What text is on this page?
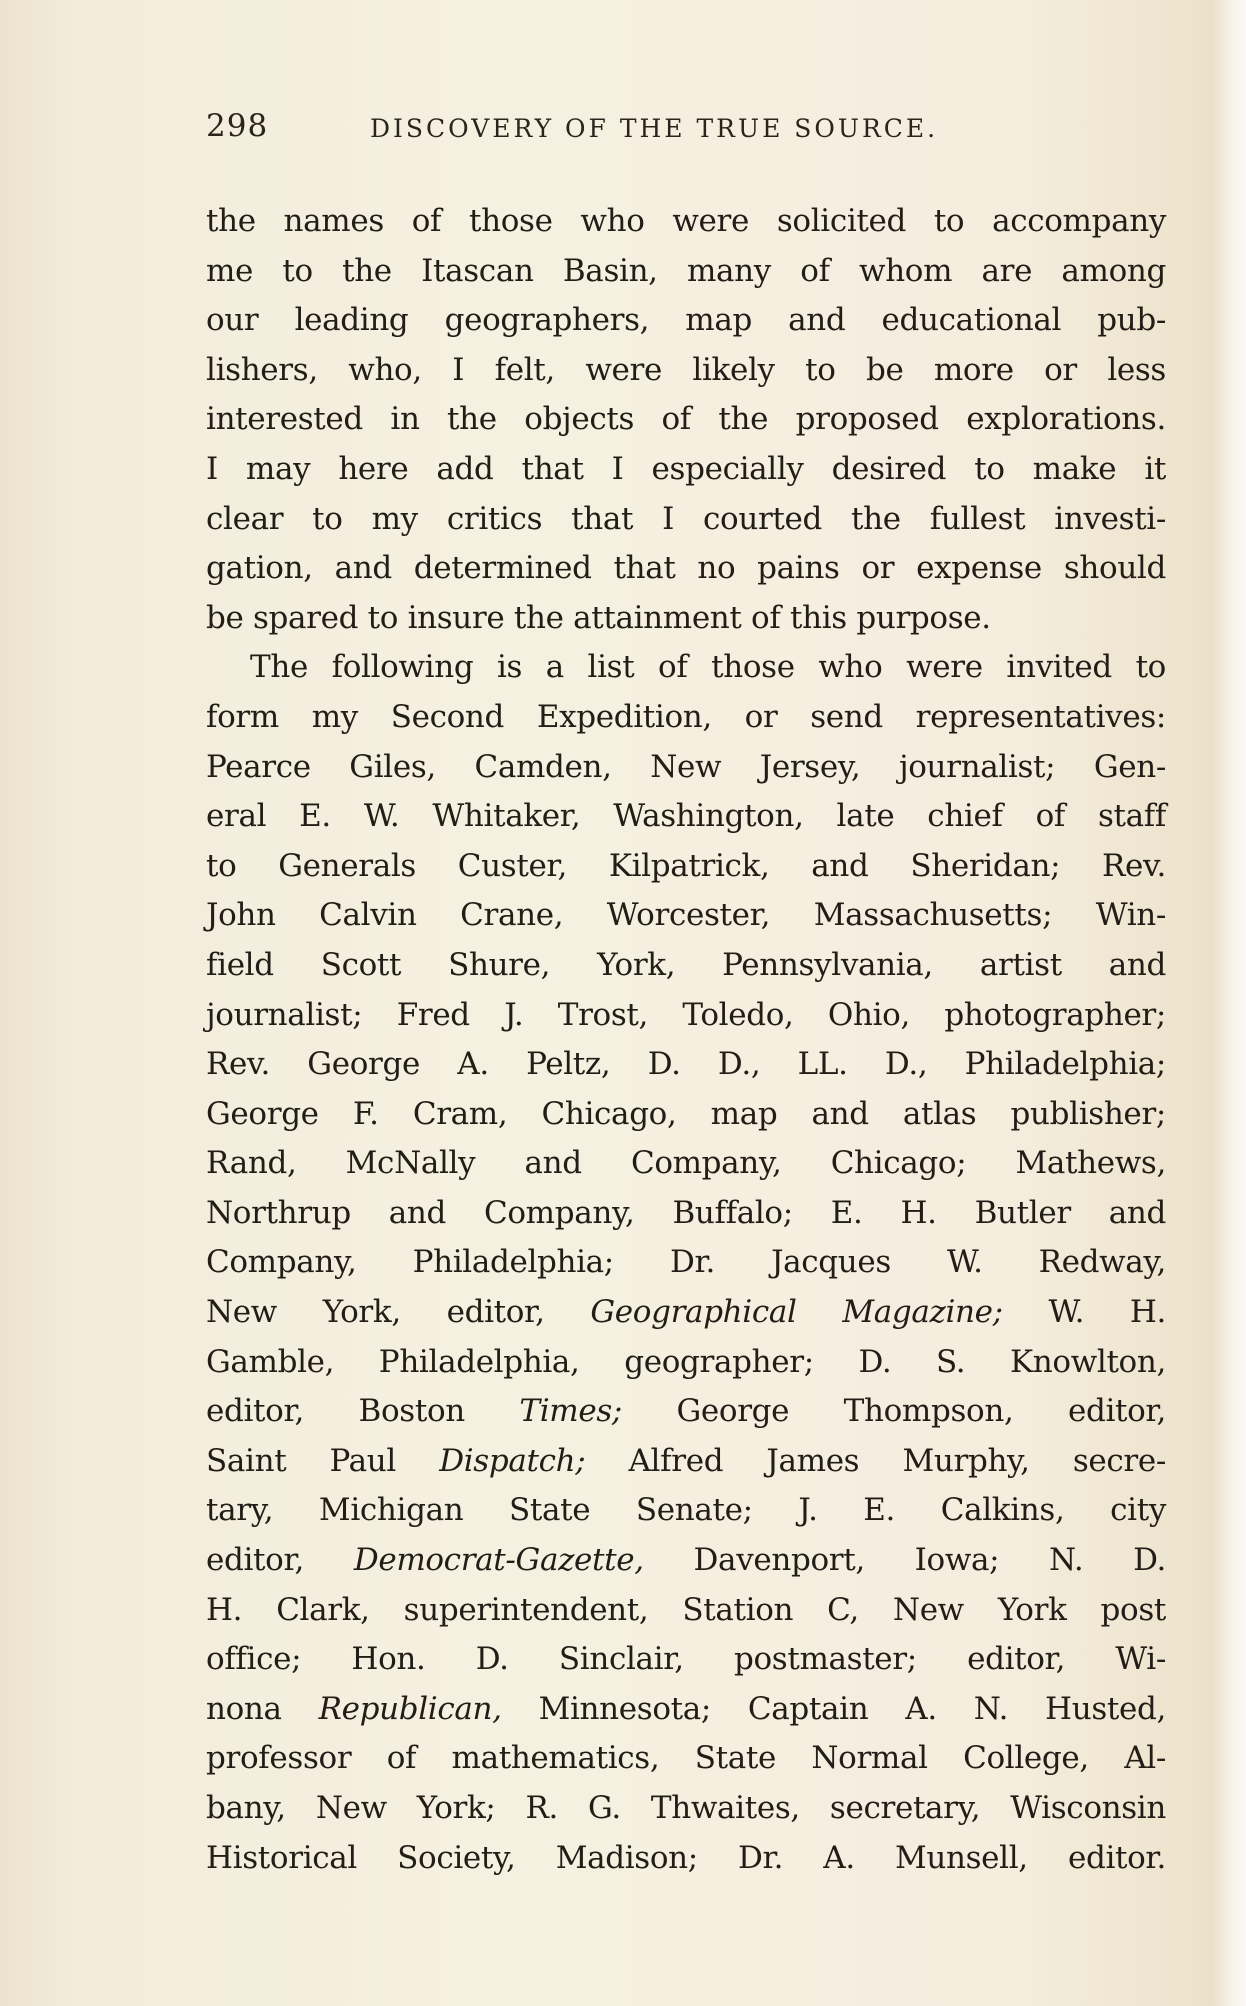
298	DISCOVERY OF THE TRUE SOURCE.
the names of those who were solicited to accompany
me to the Itascan Basin, many of whom are among
our leading geographers, map and educational pub-
lishers, who, I felt, were likely to be more or less
interested in the objects of the proposed explorations.
I may here add that I especially desired to make it
clear to my critics that I courted the fullest investi-
gation, and determined that no pains or expense should
be spared to insure the attainment of this purpose.
The following is a list of those who were invited to
form my Second Expedition, or send representatives:
Pearce Giles, Camden, New Jersey, journalist; Gen-
eral E. W. Whitaker, Washington, late chief of staff
to Generals Custer, Kilpatrick, and Sheridan; Rev.
John Calvin Crane, Worcester, Massachusetts; Win-
field Scott Shure, York, Pennsylvania, artist and
journalist; Fred J. Trost, Toledo, Ohio, photographer;
Rev. George A. Peltz, D. D., LL. D., Philadelphia;
George F. Cram, Chicago, map and atlas publisher;
Rand, McNally and Company, Chicago; Mathews,
Northrup and Company, Buffalo; E. H. Butler and
Company, Philadelphia; Dr. Jacques W. Redway,
New York, editor, Geographical Magazine; W. H.
Gamble, Philadelphia, geographer; D. S. Knowlton,
editor, Boston Times; George Thompson, editor,
Saint Paul Dispatch; Alfred James Murphy, secre-
tary, Michigan State Senate; J. E. Calkins, city
editor, Democrat-Gazette, Davenport, Iowa; N. D.
H. Clark, superintendent, Station C, New York post
office; Hon. D. Sinclair, postmaster; editor, Wi-
nona Republican, Minnesota; Captain A. N. Husted,
professor of mathematics, State Normal College, Al-
bany, New York; R. G. Thwaites, secretary, Wisconsin
Historical Society, Madison; Dr. A. Munsell, editor.
